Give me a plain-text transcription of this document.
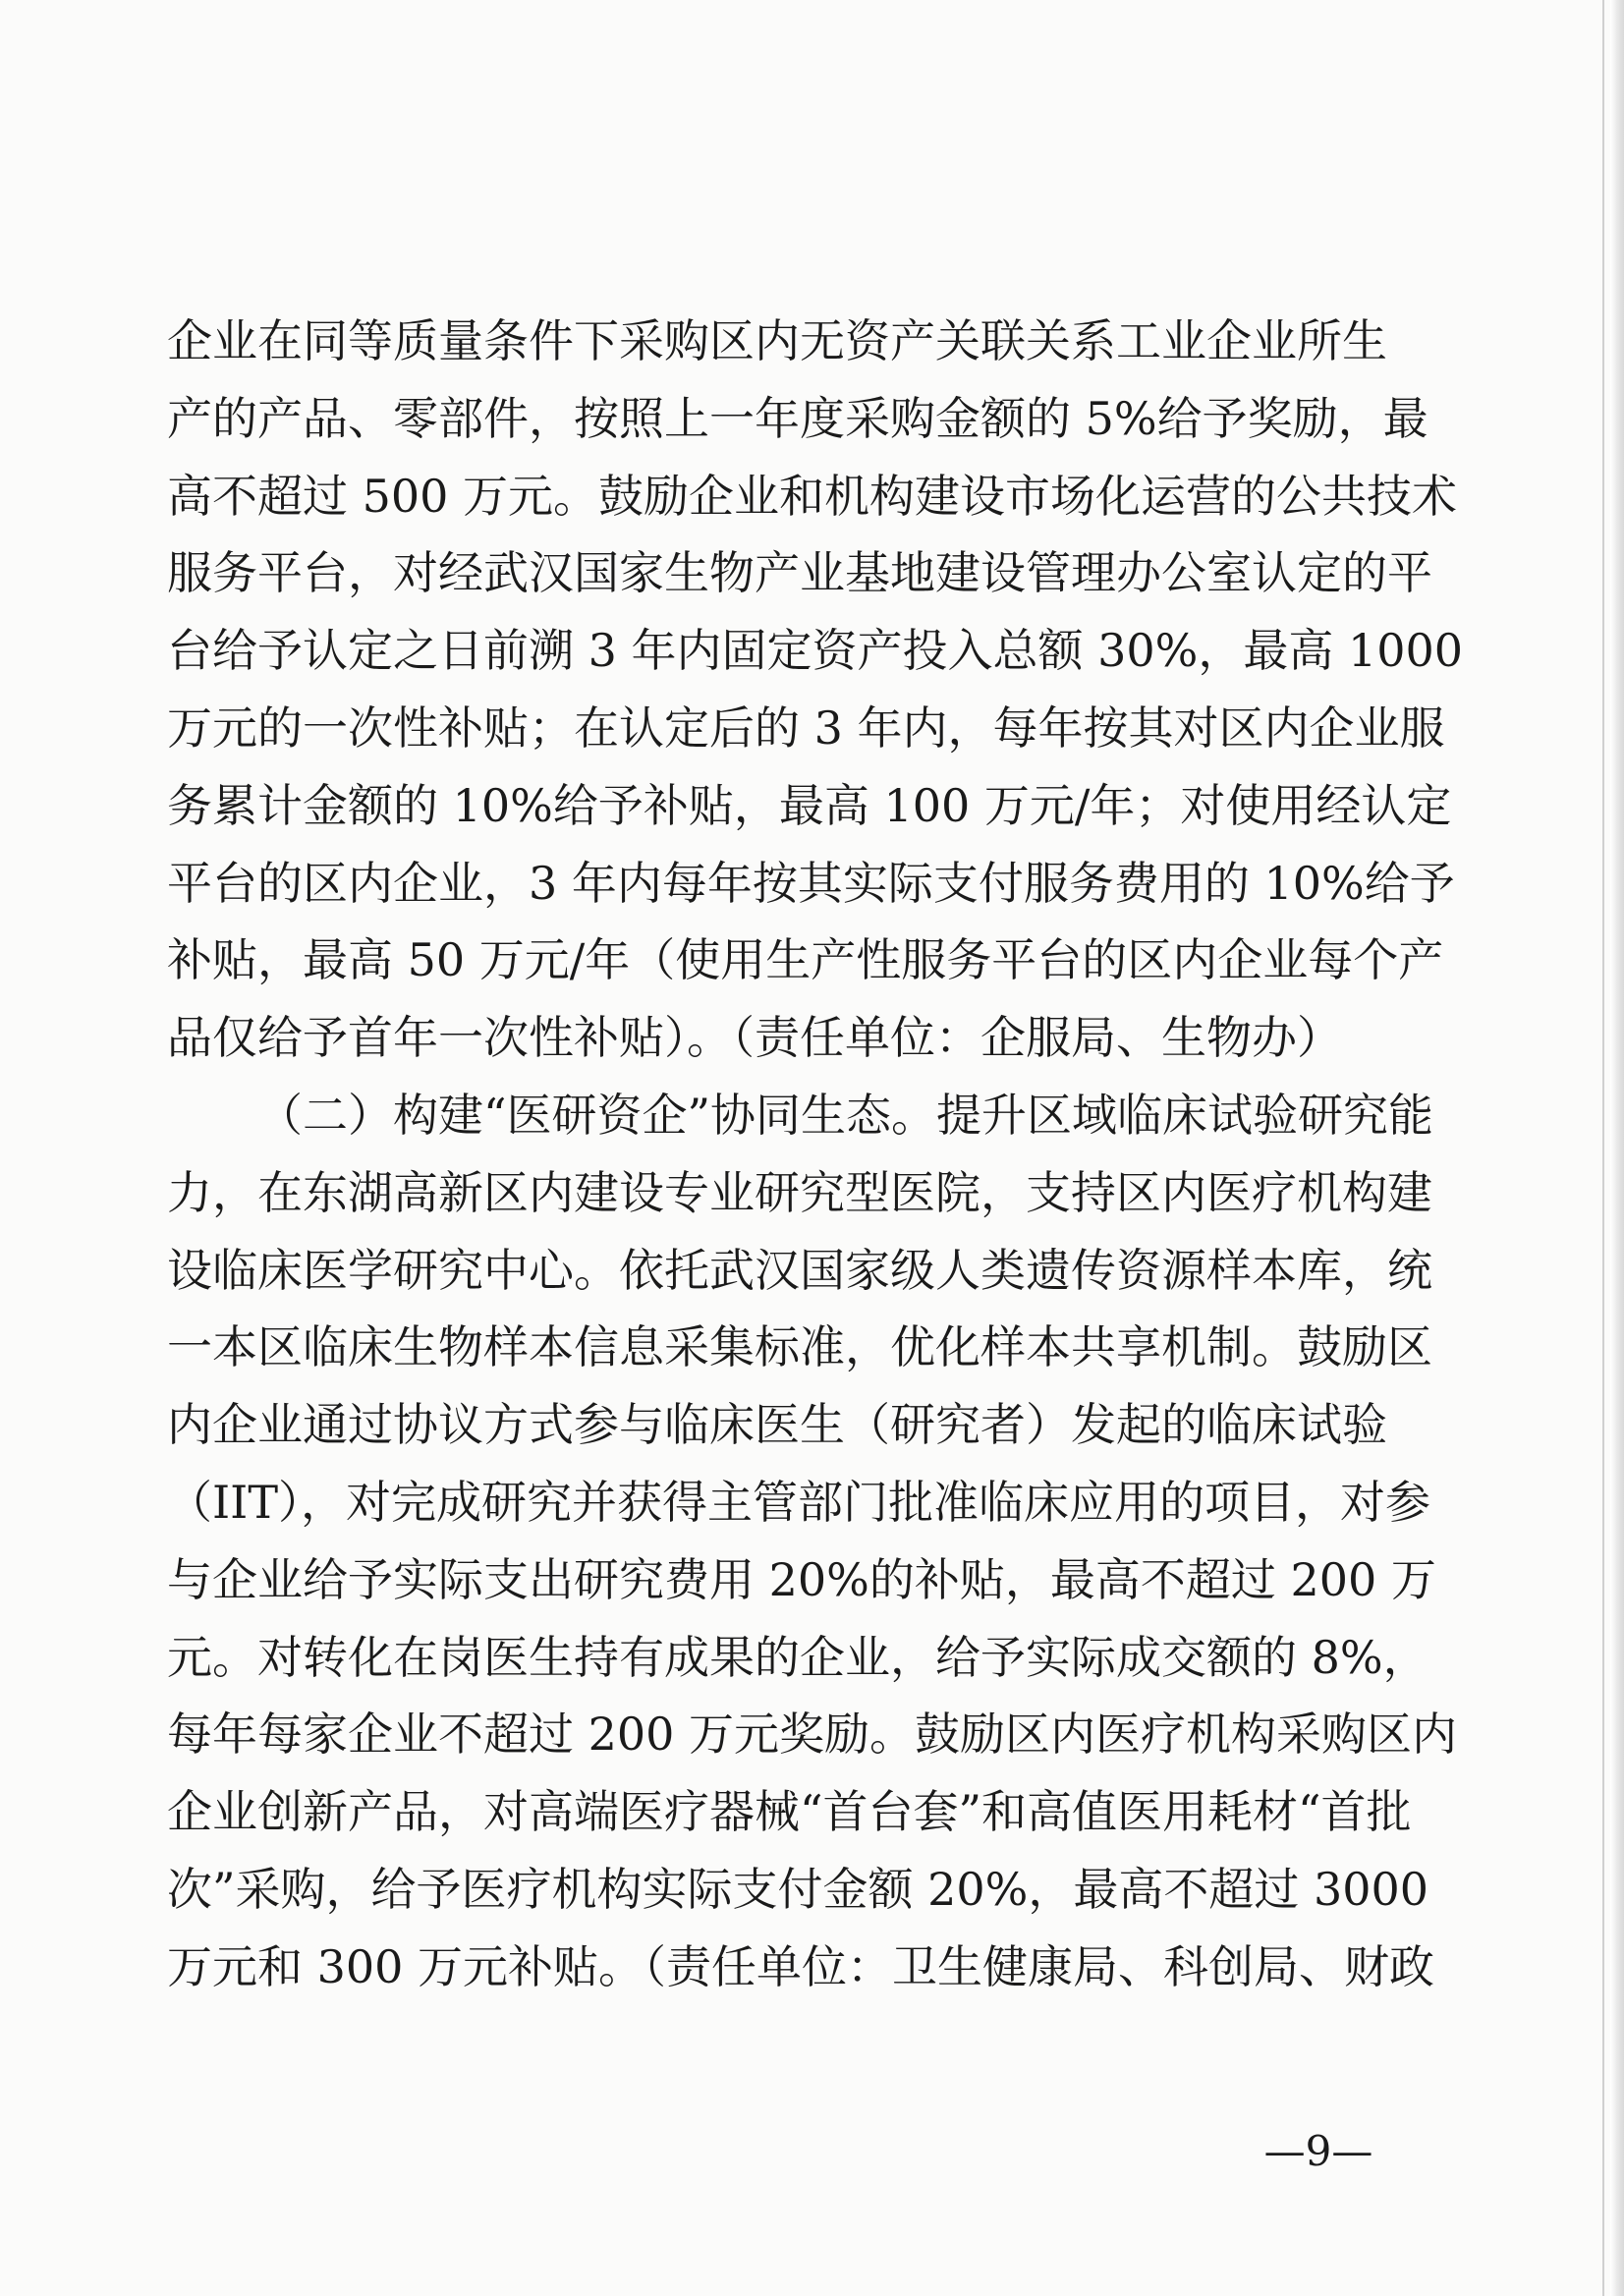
企业在同等质量条件下采购区内无资产关联关系工业企业所生
产的产品、零部件，按照上一年度采购金额的 5%给予奖励，最
高不超过 500 万元。鼓励企业和机构建设市场化运营的公共技术
服务平台，对经武汉国家生物产业基地建设管理办公室认定的平
台给予认定之日前溯 3 年内固定资产投入总额 30%，最高 1000
万元的一次性补贴；在认定后的 3 年内，每年按其对区内企业服
务累计金额的 10%给予补贴，最高 100 万元/年；对使用经认定
平台的区内企业，3 年内每年按其实际支付服务费用的 10%给予
补贴，最高 50 万元/年（使用生产性服务平台的区内企业每个产
品仅给予首年一次性补贴）。（责任单位：企服局、生物办）
（二）构建“医研资企”协同生态。提升区域临床试验研究能
力，在东湖高新区内建设专业研究型医院，支持区内医疗机构建
设临床医学研究中心。依托武汉国家级人类遗传资源样本库，统
一本区临床生物样本信息采集标准，优化样本共享机制。鼓励区
内企业通过协议方式参与临床医生（研究者）发起的临床试验
（IIT），对完成研究并获得主管部门批准临床应用的项目，对参
与企业给予实际支出研究费用 20%的补贴，最高不超过 200 万
元。对转化在岗医生持有成果的企业，给予实际成交额的 8%，
每年每家企业不超过 200 万元奖励。鼓励区内医疗机构采购区内
企业创新产品，对高端医疗器械“首台套”和高值医用耗材“首批
次”采购，给予医疗机构实际支付金额 20%，最高不超过 3000
万元和 300 万元补贴。（责任单位：卫生健康局、科创局、财政
—9—
